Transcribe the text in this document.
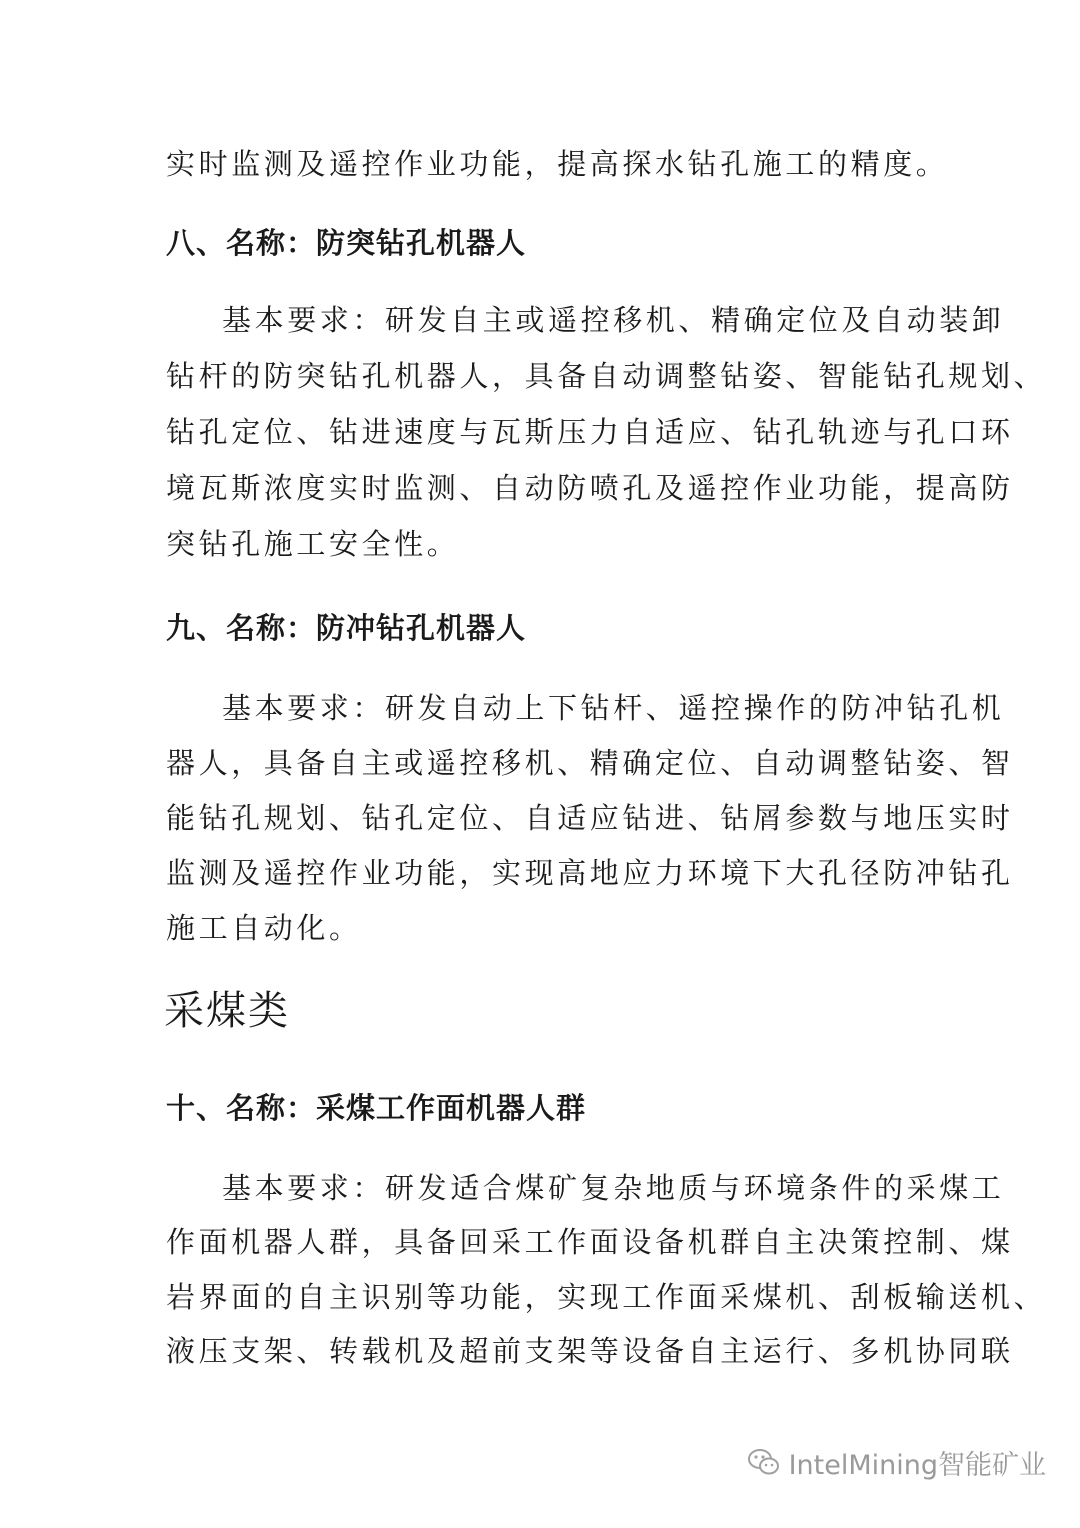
实时监测及遥控作业功能，提高探水钻孔施工的精度。
八、名称：防突钻孔机器人
基本要求：研发自主或遥控移机、精确定位及自动装卸
钻杆的防突钻孔机器人，具备自动调整钻姿、智能钻孔规划、
钻孔定位、钻进速度与瓦斯压力自适应、钻孔轨迹与孔口环
境瓦斯浓度实时监测、自动防喷孔及遥控作业功能，提高防
突钻孔施工安全性。
九、名称：防冲钻孔机器人
基本要求：研发自动上下钻杆、遥控操作的防冲钻孔机
器人，具备自主或遥控移机、精确定位、自动调整钻姿、智
能钻孔规划、钻孔定位、自适应钻进、钻屑参数与地压实时
监测及遥控作业功能，实现高地应力环境下大孔径防冲钻孔
施工自动化。
采煤类
十、名称：采煤工作面机器人群
基本要求：研发适合煤矿复杂地质与环境条件的采煤工
作面机器人群，具备回采工作面设备机群自主决策控制、煤
岩界面的自主识别等功能，实现工作面采煤机、刮板输送机、
液压支架、转载机及超前支架等设备自主运行、多机协同联
IntelMining智能矿业
